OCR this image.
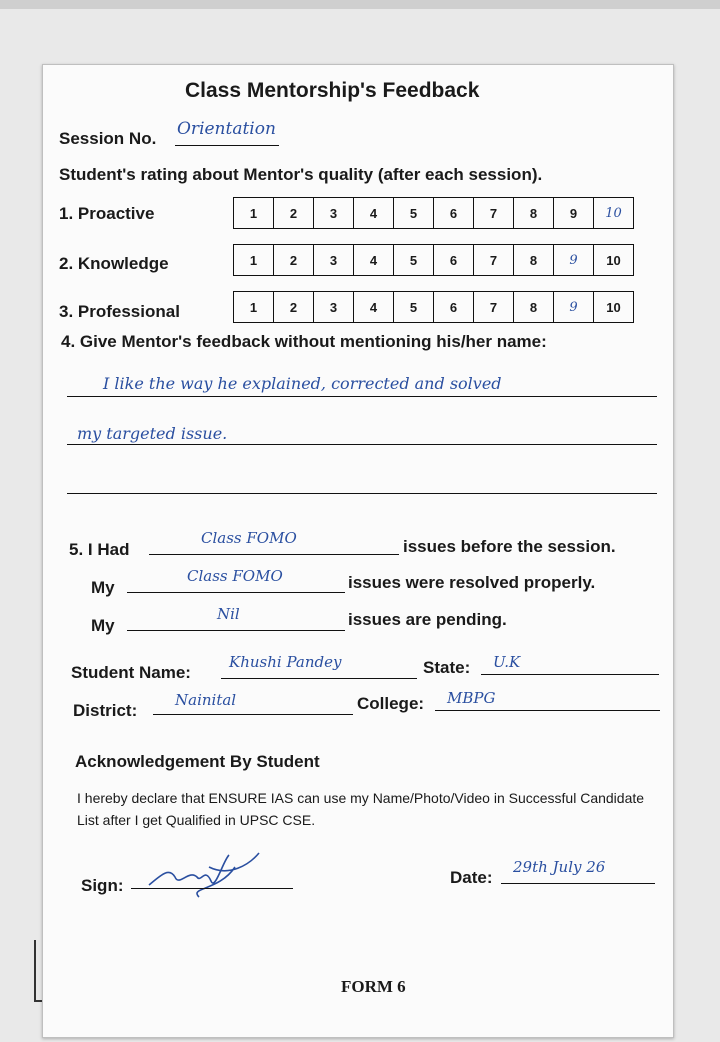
Class Mentorship's Feedback
Session No. Orientation
Student's rating about Mentor's quality (after each session).
1. Proactive	1	2	3	4	5	6	7	8	9	10
2. Knowledge	1	2	3	4	5	6	7	8	9	10
3. Professional	1	2	3	4	5	6	7	8	9	10
4. Give Mentor's feedback without mentioning his/her name:
I like the way he explained, corrected and solved
my targeted issue.
5. I Had
Class FOMO	issues before the session.
My
Class FOMO	issues were resolved properly.
My
Nil	issues are pending.
Student Name:
Khushi Pandey	State: U.K
District:
Nainital	College: MBPG
Acknowledgement By Student
I hereby declare that ENSURE IAS can use my Name/Photo/Video in Successful Candidate List after I get Qualified in UPSC CSE.
Sign:	Date:
29th July 26
FORM 6
